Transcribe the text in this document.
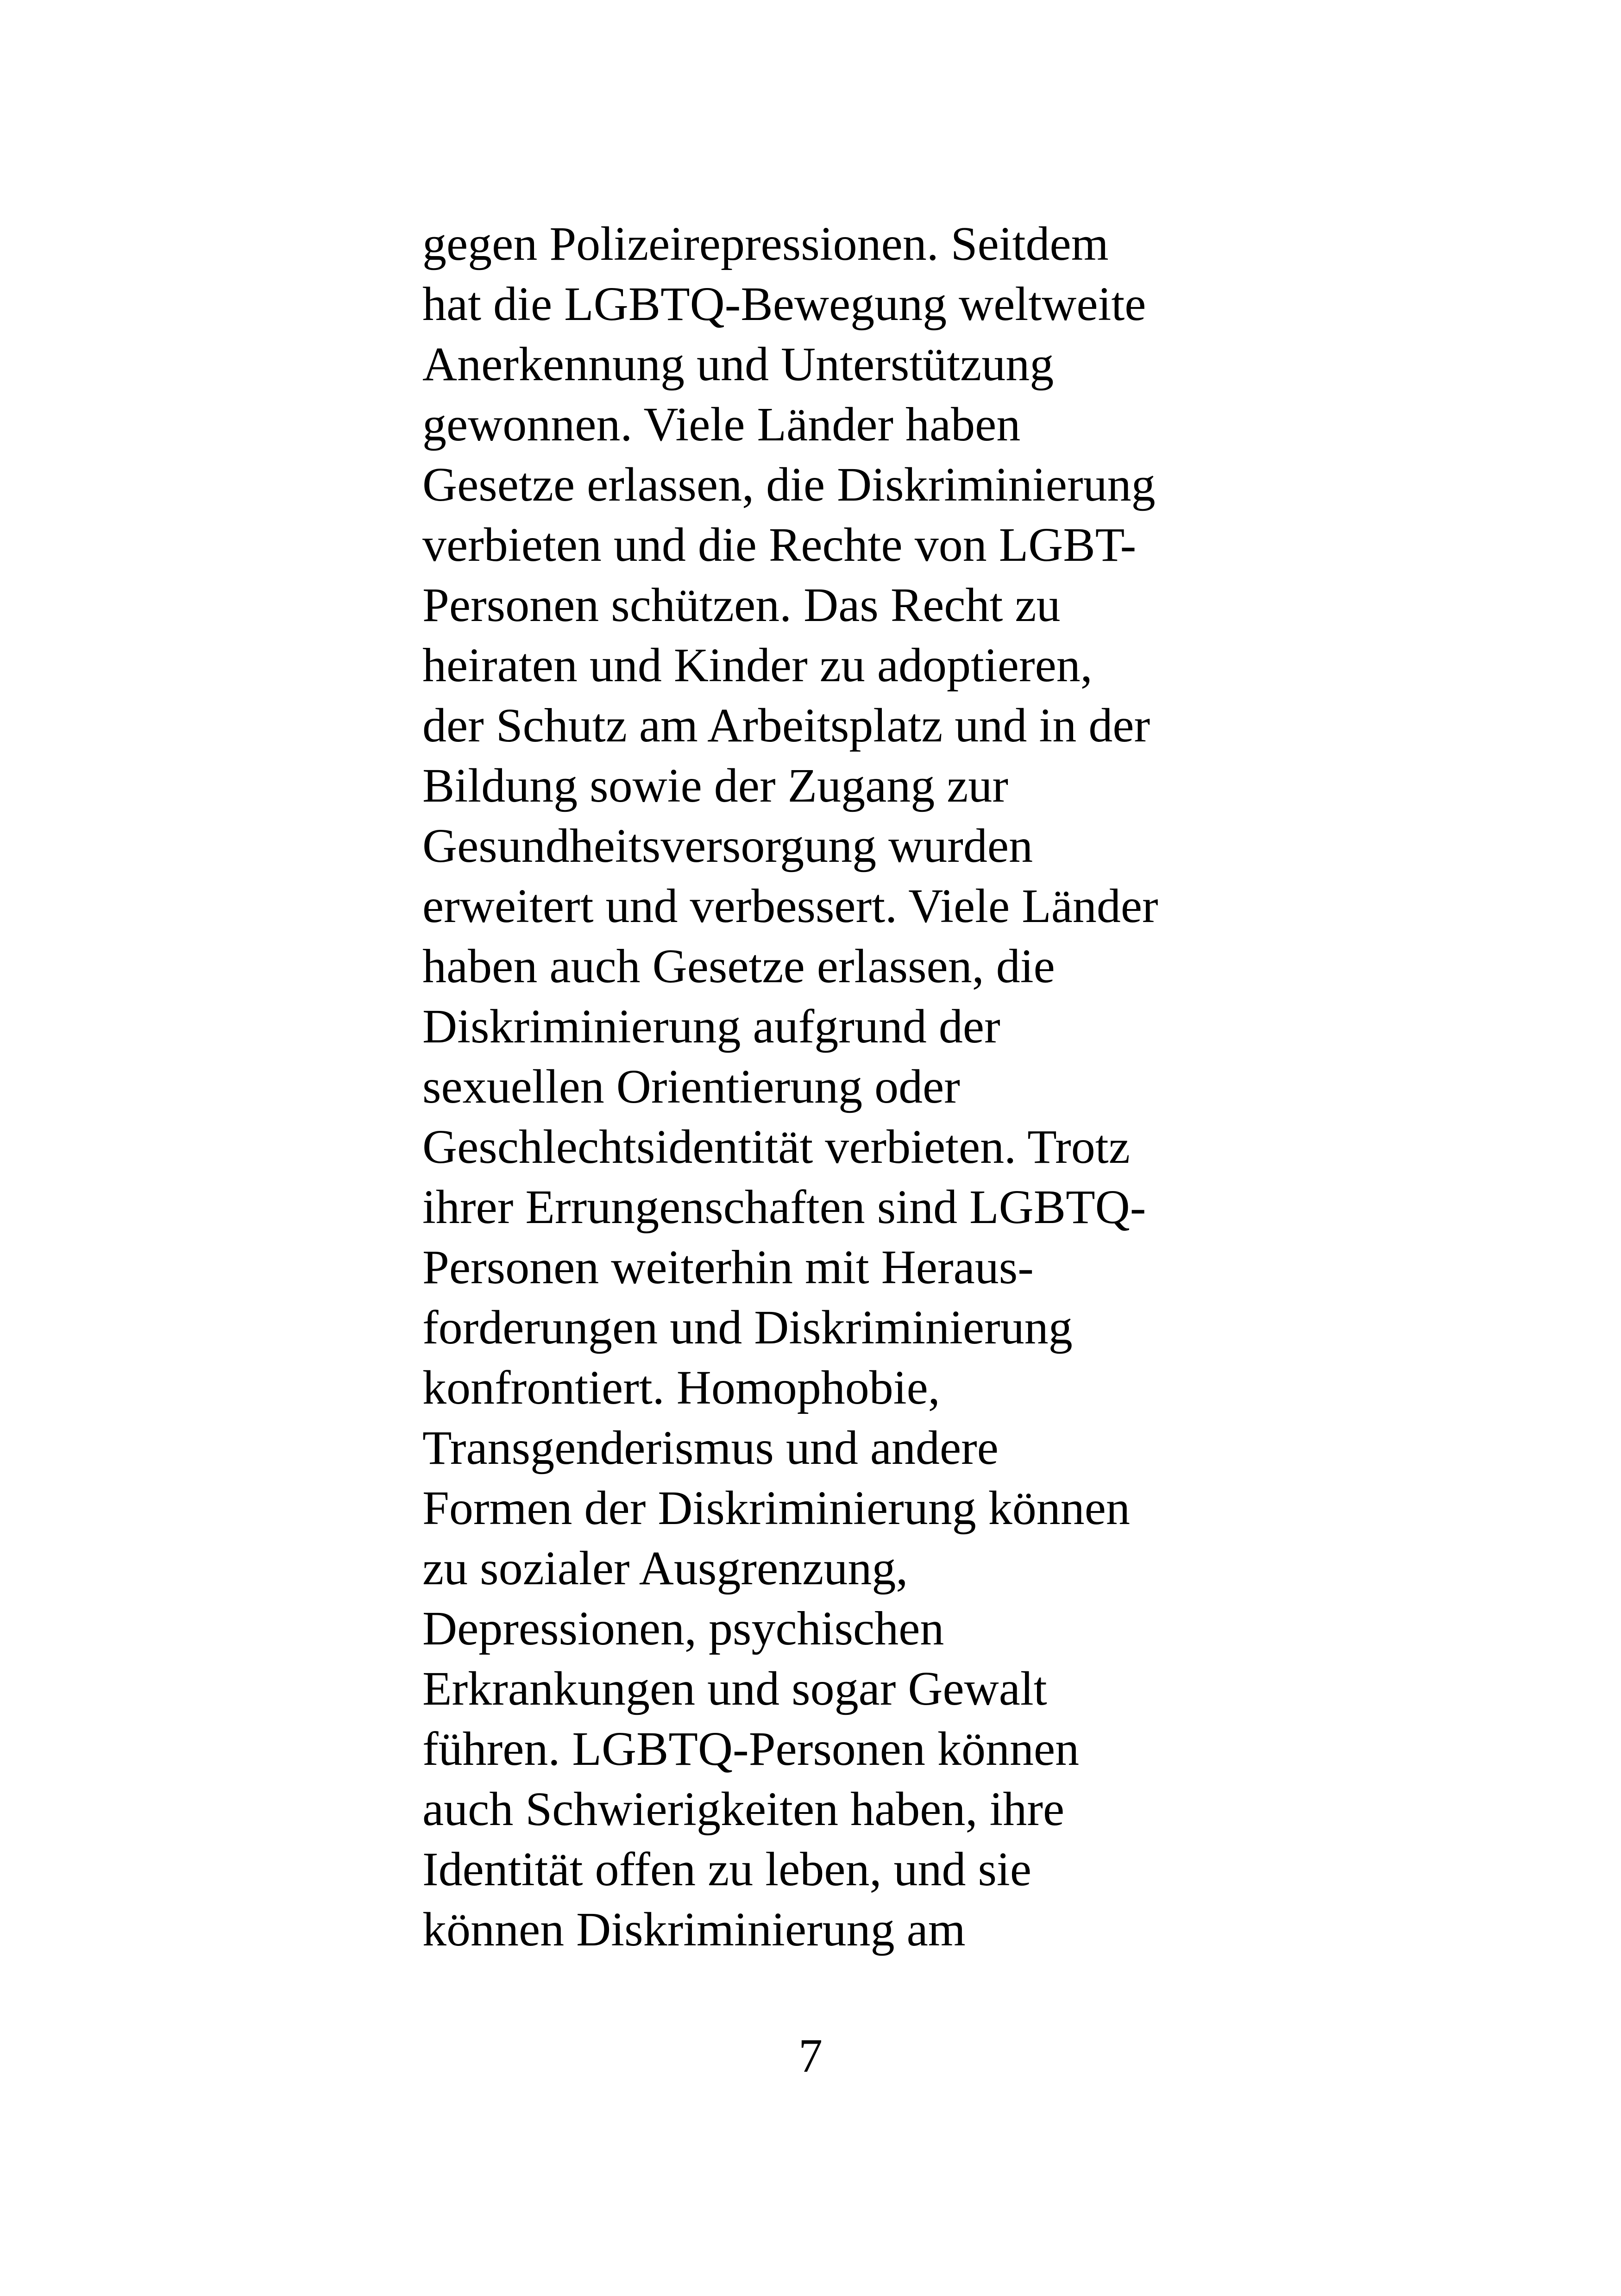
gegen Polizeirepressionen. Seitdem
hat die LGBTQ-Bewegung weltweite
Anerkennung und Unterstützung
gewonnen. Viele Länder haben
Gesetze erlassen, die Diskriminierung
verbieten und die Rechte von LGBT-
Personen schützen. Das Recht zu
heiraten und Kinder zu adoptieren,
der Schutz am Arbeitsplatz und in der
Bildung sowie der Zugang zur
Gesundheitsversorgung wurden
erweitert und verbessert. Viele Länder
haben auch Gesetze erlassen, die
Diskriminierung aufgrund der
sexuellen Orientierung oder
Geschlechtsidentität verbieten. Trotz
ihrer Errungenschaften sind LGBTQ-
Personen weiterhin mit Heraus-
forderungen und Diskriminierung
konfrontiert. Homophobie,
Transgenderismus und andere
Formen der Diskriminierung können
zu sozialer Ausgrenzung,
Depressionen, psychischen
Erkrankungen und sogar Gewalt
führen. LGBTQ-Personen können
auch Schwierigkeiten haben, ihre
Identität offen zu leben, und sie
können Diskriminierung am

7
